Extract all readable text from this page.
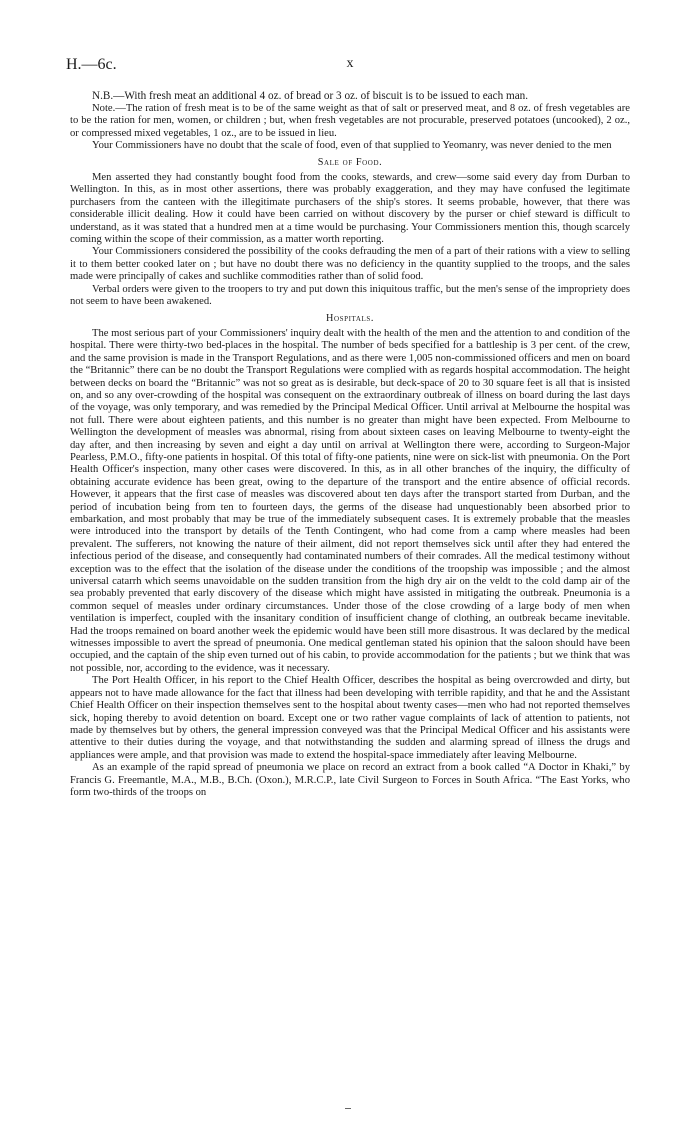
H.—6c.	x

N.B.—With fresh meat an additional 4 oz. of bread or 3 oz. of biscuit is to be issued to each man.

Note.—The ration of fresh meat is to be of the same weight as that of salt or preserved meat, and 8 oz. of fresh vegetables are to be the ration for men, women, or children ; but, when fresh vegetables are not procurable, preserved potatoes (uncooked), 2 oz., or compressed mixed vegetables, 1 oz., are to be issued in lieu.

Your Commissioners have no doubt that the scale of food, even of that supplied to Yeomanry, was never denied to the men

Sale of Food.

Men asserted they had constantly bought food from the cooks, stewards, and crew—some said every day from Durban to Wellington. In this, as in most other assertions, there was probably exaggeration, and they may have confused the legitimate purchasers from the canteen with the illegitimate purchasers of the ship's stores. It seems probable, however, that there was considerable illicit dealing. How it could have been carried on without discovery by the purser or chief steward is difficult to understand, as it was stated that a hundred men at a time would be purchasing. Your Commissioners mention this, though scarcely coming within the scope of their commission, as a matter worth reporting.

Your Commissioners considered the possibility of the cooks defrauding the men of a part of their rations with a view to selling it to them better cooked later on ; but have no doubt there was no deficiency in the quantity supplied to the troops, and the sales made were principally of cakes and suchlike commodities rather than of solid food.

Verbal orders were given to the troopers to try and put down this iniquitous traffic, but the men's sense of the impropriety does not seem to have been awakened.

Hospitals.

The most serious part of your Commissioners' inquiry dealt with the health of the men and the attention to and condition of the hospital. There were thirty-two bed-places in the hospital. The number of beds specified for a battleship is 3 per cent. of the crew, and the same provision is made in the Transport Regulations, and as there were 1,005 non-commissioned officers and men on board the “Britannic” there can be no doubt the Transport Regulations were complied with as regards hospital accommodation. The height between decks on board the “Britannic” was not so great as is desirable, but deck-space of 20 to 30 square feet is all that is insisted on, and so any over-crowding of the hospital was consequent on the extraordinary outbreak of illness on board during the last days of the voyage, was only temporary, and was remedied by the Principal Medical Officer. Until arrival at Melbourne the hospital was not full. There were about eighteen patients, and this number is no greater than might have been expected. From Melbourne to Wellington the development of measles was abnormal, rising from about sixteen cases on leaving Melbourne to twenty-eight the day after, and then increasing by seven and eight a day until on arrival at Wellington there were, according to Surgeon-Major Pearless, P.M.O., fifty-one patients in hospital. Of this total of fifty-one patients, nine were on sick-list with pneumonia. On the Port Health Officer's inspection, many other cases were discovered. In this, as in all other branches of the inquiry, the difficulty of obtaining accurate evidence has been great, owing to the departure of the transport and the entire absence of official records. However, it appears that the first case of measles was discovered about ten days after the transport started from Durban, and the period of incubation being from ten to fourteen days, the germs of the disease had unquestionably been absorbed prior to embarkation, and most probably that may be true of the immediately subsequent cases. It is extremely probable that the measles were introduced into the transport by details of the Tenth Contingent, who had come from a camp where measles had been prevalent. The sufferers, not knowing the nature of their ailment, did not report themselves sick until after they had entered the infectious period of the disease, and consequently had contaminated numbers of their comrades. All the medical testimony without exception was to the effect that the isolation of the disease under the conditions of the troopship was impossible ; and the almost universal catarrh which seems unavoidable on the sudden transition from the high dry air on the veldt to the cold damp air of the sea probably prevented that early discovery of the disease which might have assisted in mitigating the outbreak. Pneumonia is a common sequel of measles under ordinary circumstances. Under those of the close crowding of a large body of men when ventilation is imperfect, coupled with the insanitary condition of insufficient change of clothing, an outbreak became inevitable. Had the troops remained on board another week the epidemic would have been still more disastrous. It was declared by the medical witnesses impossible to avert the spread of pneumonia. One medical gentleman stated his opinion that the saloon should have been occupied, and the captain of the ship even turned out of his cabin, to provide accommodation for the patients ; but we think that was not possible, nor, according to the evidence, was it necessary.

The Port Health Officer, in his report to the Chief Health Officer, describes the hospital as being overcrowded and dirty, but appears not to have made allowance for the fact that illness had been developing with terrible rapidity, and that he and the Assistant Chief Health Officer on their inspection themselves sent to the hospital about twenty cases—men who had not reported themselves sick, hoping thereby to avoid detention on board. Except one or two rather vague complaints of lack of attention to patients, not made by themselves but by others, the general impression conveyed was that the Principal Medical Officer and his assistants were attentive to their duties during the voyage, and that notwithstanding the sudden and alarming spread of illness the drugs and appliances were ample, and that provision was made to extend the hospital-space immediately after leaving Melbourne.

As an example of the rapid spread of pneumonia we place on record an extract from a book called “A Doctor in Khaki,” by Francis G. Freemantle, M.A., M.B., B.Ch. (Oxon.), M.R.C.P., late Civil Surgeon to Forces in South Africa. “The East Yorks, who form two-thirds of the troops on
